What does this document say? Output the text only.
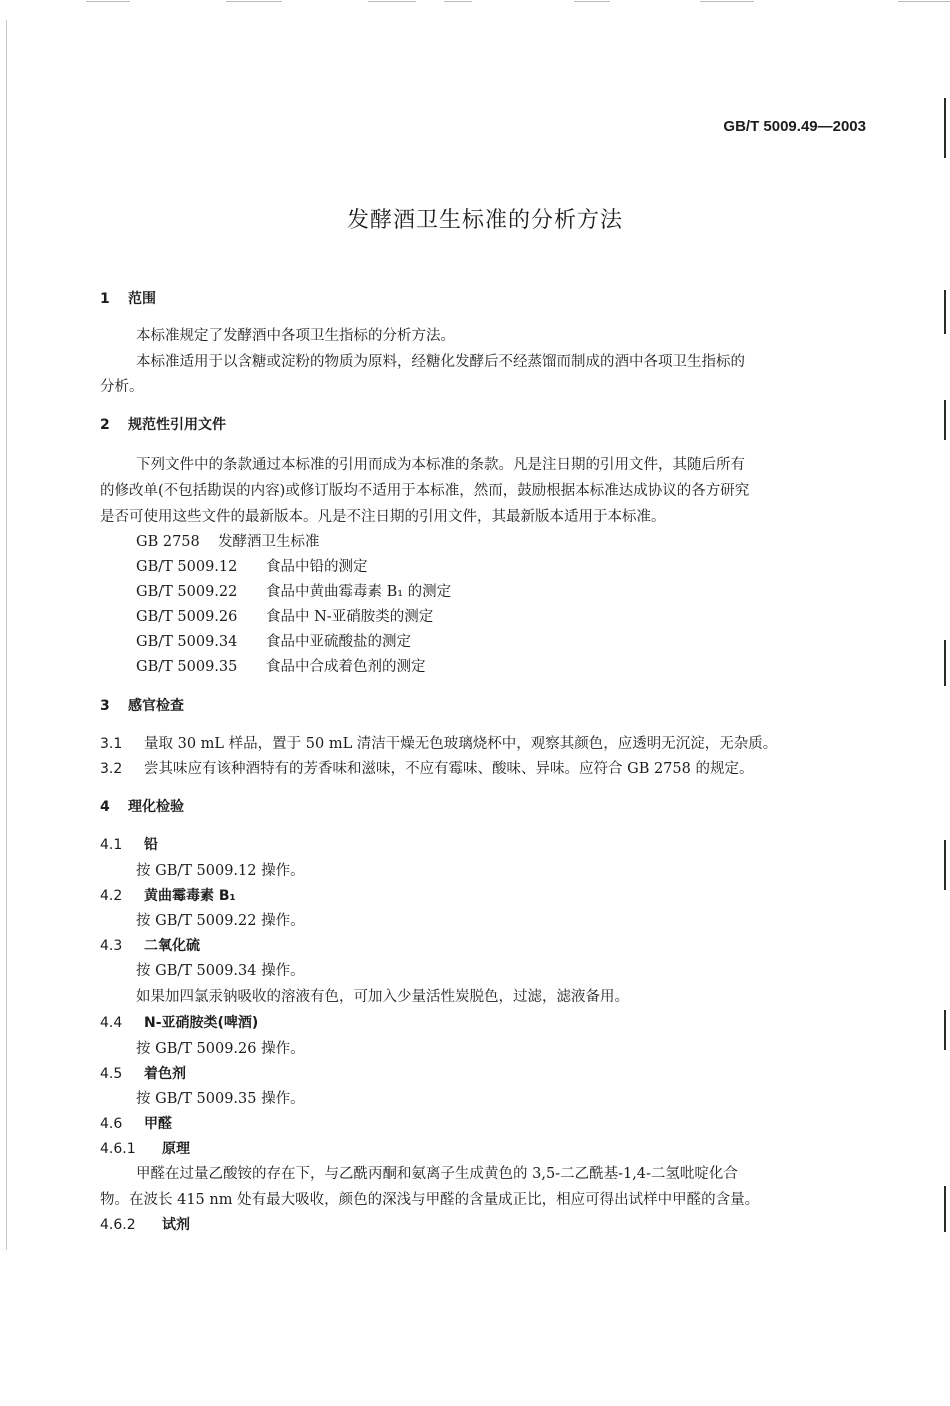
GB/T 5009.49—2003
发酵酒卫生标准的分析方法
1 范围
本标准规定了发酵酒中各项卫生指标的分析方法。
本标准适用于以含糖或淀粉的物质为原料，经糖化发酵后不经蒸馏而制成的酒中各项卫生指标的
分析。
2 规范性引用文件
下列文件中的条款通过本标准的引用而成为本标准的条款。凡是注日期的引用文件，其随后所有
的修改单(不包括勘误的内容)或修订版均不适用于本标准，然而，鼓励根据本标准达成协议的各方研究
是否可使用这些文件的最新版本。凡是不注日期的引用文件，其最新版本适用于本标准。
GB 2758 发酵酒卫生标准
GB/T 5009.12 食品中铅的测定
GB/T 5009.22 食品中黄曲霉毒素 B₁ 的测定
GB/T 5009.26 食品中 N-亚硝胺类的测定
GB/T 5009.34 食品中亚硫酸盐的测定
GB/T 5009.35 食品中合成着色剂的测定
3 感官检查
3.1 量取 30 mL 样品，置于 50 mL 清洁干燥无色玻璃烧杯中，观察其颜色，应透明无沉淀，无杂质。
3.2 尝其味应有该种酒特有的芳香味和滋味，不应有霉味、酸味、异味。应符合 GB 2758 的规定。
4 理化检验
4.1 铅
按 GB/T 5009.12 操作。
4.2 黄曲霉毒素 B₁
按 GB/T 5009.22 操作。
4.3 二氧化硫
按 GB/T 5009.34 操作。
如果加四氯汞钠吸收的溶液有色，可加入少量活性炭脱色，过滤，滤液备用。
4.4 N-亚硝胺类(啤酒)
按 GB/T 5009.26 操作。
4.5 着色剂
按 GB/T 5009.35 操作。
4.6 甲醛
4.6.1 原理
甲醛在过量乙酸铵的存在下，与乙酰丙酮和氨离子生成黄色的 3,5-二乙酰基-1,4-二氢吡啶化合
物。在波长 415 nm 处有最大吸收，颜色的深浅与甲醛的含量成正比，相应可得出试样中甲醛的含量。
4.6.2 试剂
